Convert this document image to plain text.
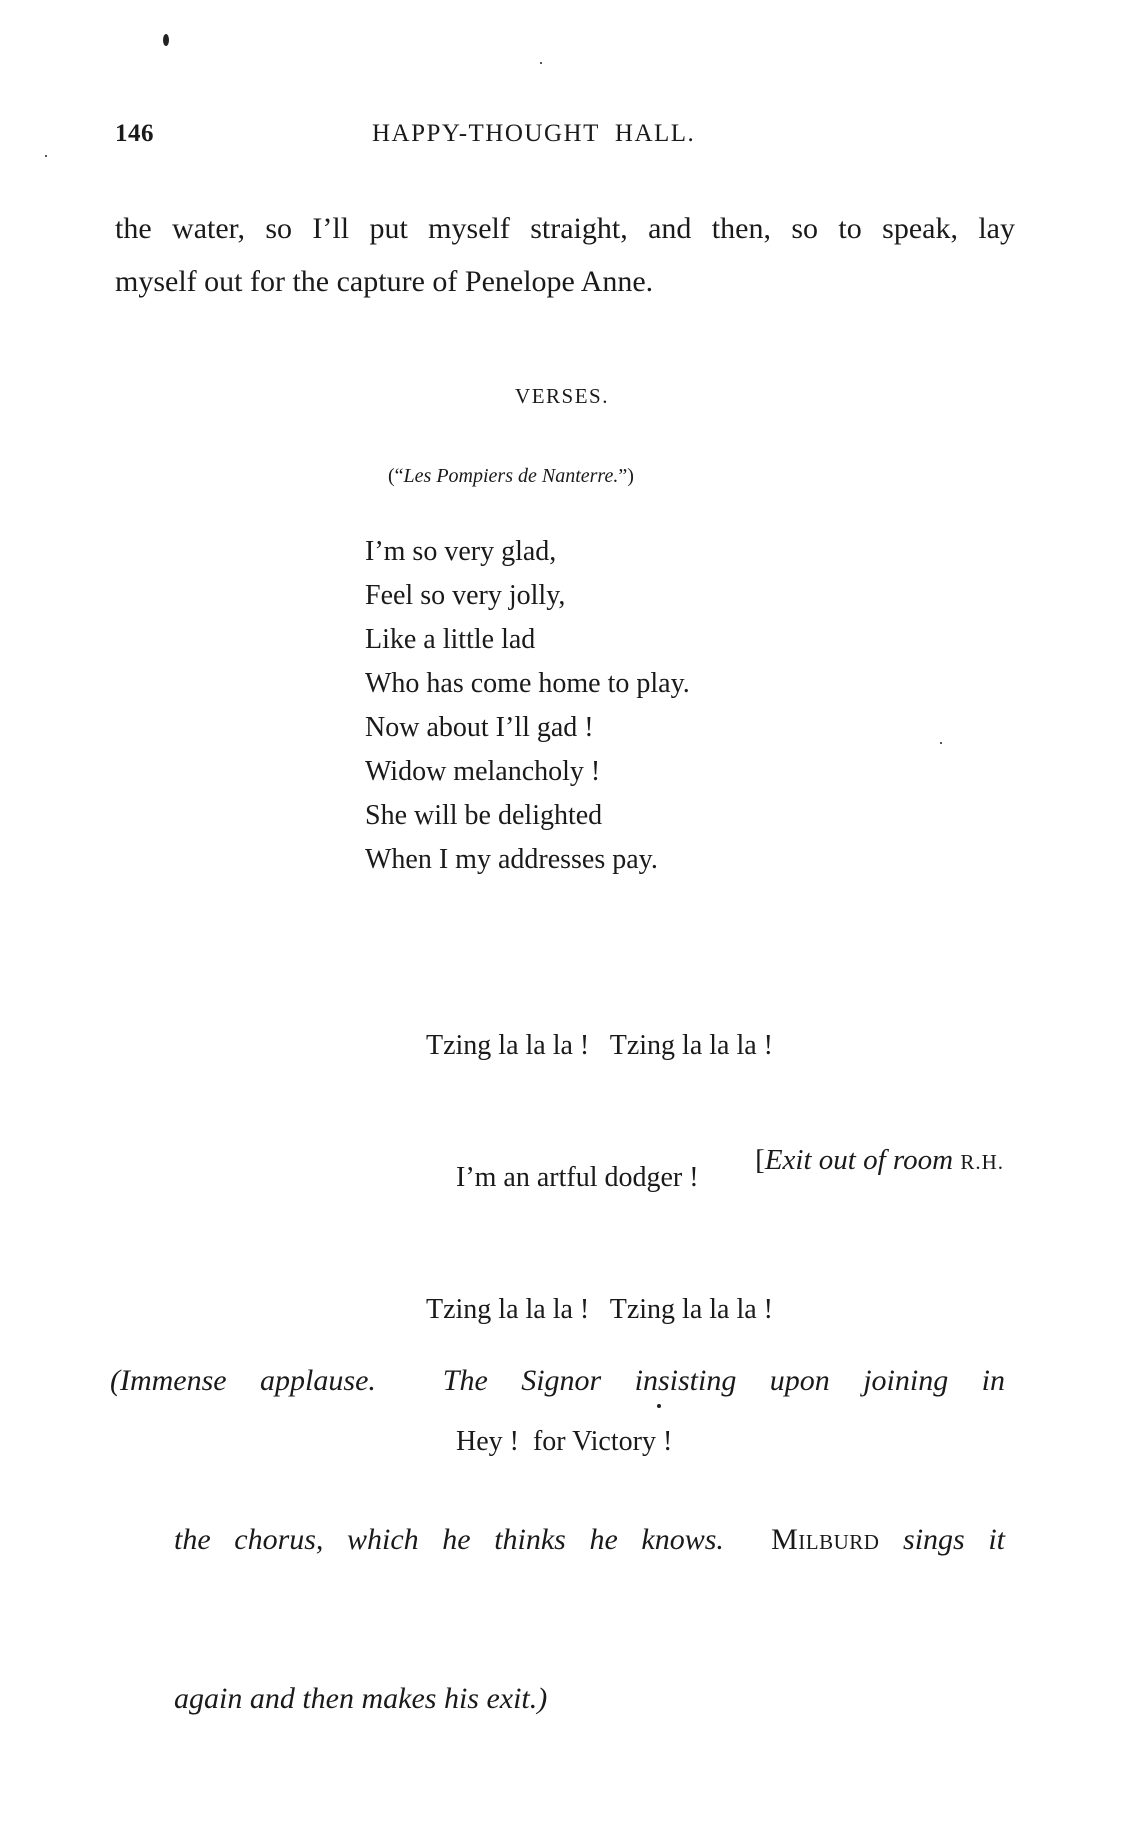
146	HAPPY-THOUGHT  HALL.
the water, so I’ll put myself straight, and then, so to speak, lay
myself out for the capture of Penelope Anne.
VERSES.
(“Les Pompiers de Nanterre.”)
I’m so very glad,
Feel so very jolly,
Like a little lad
Who has come home to play.
Now about I’ll gad !
Widow melancholy !
She will be delighted
When I my addresses pay.

Tzing la la la !   Tzing la la la !

I’m an artful dodger !

Tzing la la la !   Tzing la la la !

Hey !  for Victory !

[Exit out of room R.H.

(Immense applause.  The Signor insisting upon joining in

the chorus, which he thinks he knows.  Milburd sings it

again and then makes his exit.)
